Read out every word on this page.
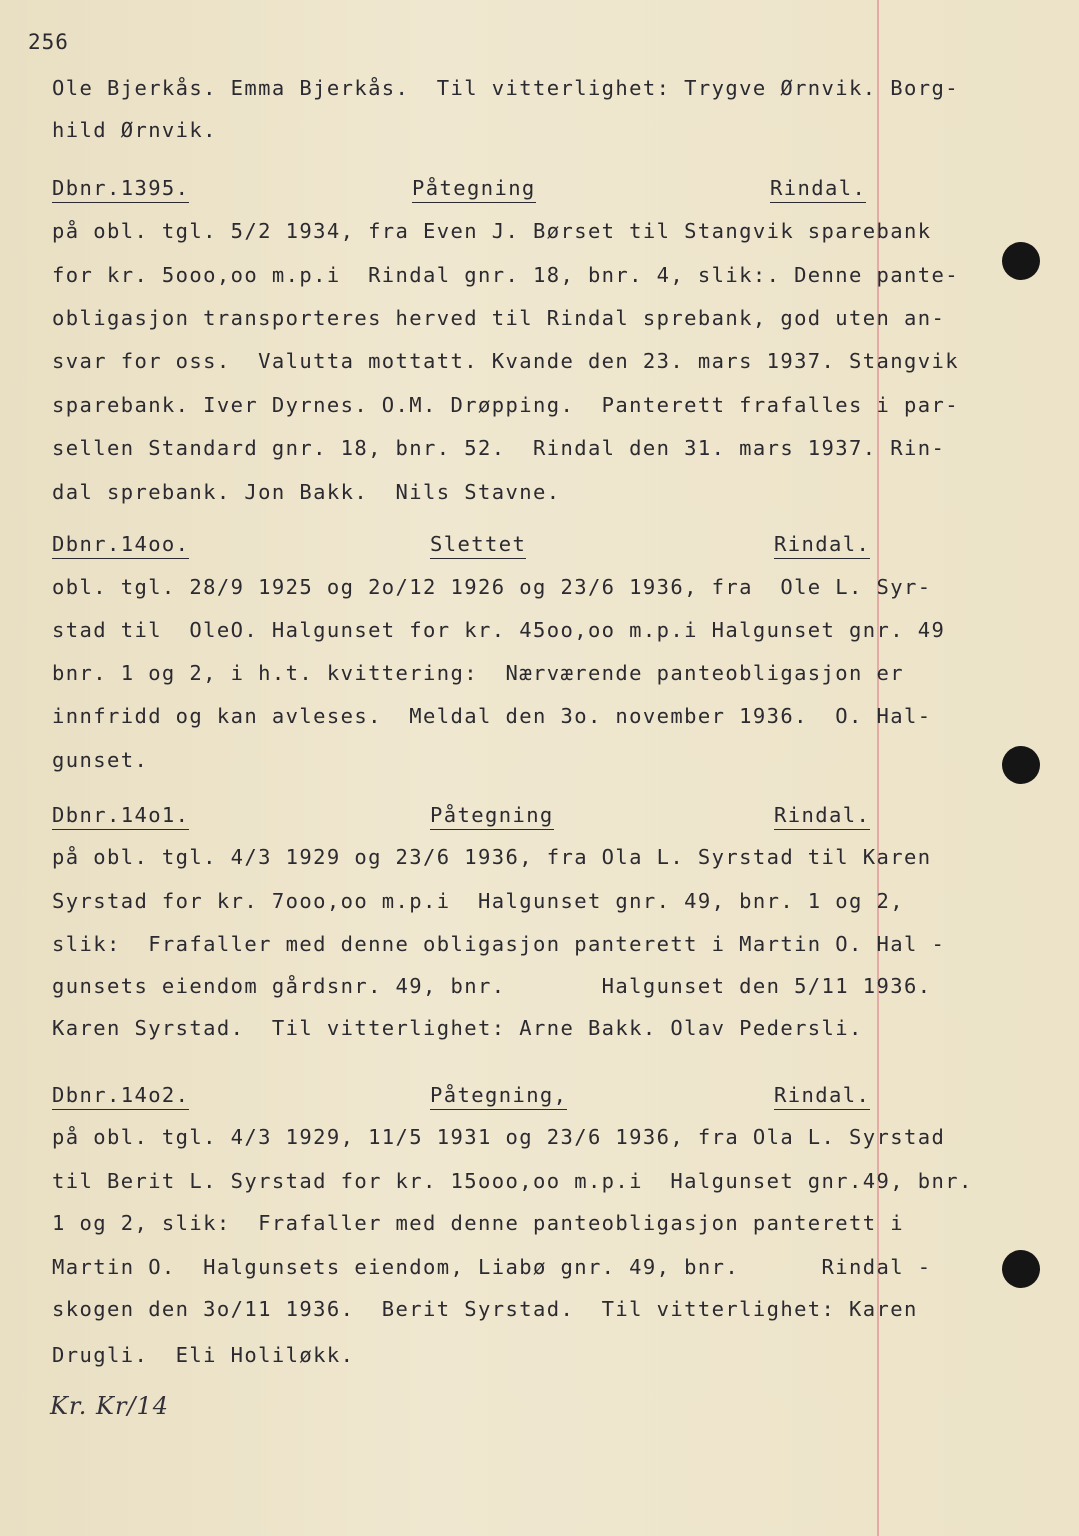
256
Ole Bjerkås. Emma Bjerkås.  Til vitterlighet: Trygve Ørnvik. Borg-
hild Ørnvik.
Dbnr.1395.	Påtegning	Rindal.
på obl. tgl. 5/2 1934, fra Even J. Børset til Stangvik sparebank
for kr. 5ooo,oo m.p.i  Rindal gnr. 18, bnr. 4, slik:. Denne pante-
obligasjon transporteres herved til Rindal sprebank, god uten an-
svar for oss.  Valutta mottatt. Kvande den 23. mars 1937. Stangvik
sparebank. Iver Dyrnes. O.M. Drøpping.  Panterett frafalles i par-
sellen Standard gnr. 18, bnr. 52.  Rindal den 31. mars 1937. Rin-
dal sprebank. Jon Bakk.  Nils Stavne.
Dbnr.14oo.	Slettet	Rindal.
obl. tgl. 28/9 1925 og 2o/12 1926 og 23/6 1936, fra  Ole L. Syr-
stad til  OleO. Halgunset for kr. 45oo,oo m.p.i Halgunset gnr. 49
bnr. 1 og 2, i h.t. kvittering:  Nærværende panteobligasjon er
innfridd og kan avleses.  Meldal den 3o. november 1936.  O. Hal-
gunset.
Dbnr.14o1.	Påtegning	Rindal.
på obl. tgl. 4/3 1929 og 23/6 1936, fra Ola L. Syrstad til Karen
Syrstad for kr. 7ooo,oo m.p.i  Halgunset gnr. 49, bnr. 1 og 2,
slik:  Frafaller med denne obligasjon panterett i Martin O. Hal -
gunsets eiendom gårdsnr. 49, bnr.       Halgunset den 5/11 1936.
Karen Syrstad.  Til vitterlighet: Arne Bakk. Olav Pedersli.
Dbnr.14o2.	Påtegning,	Rindal.
på obl. tgl. 4/3 1929, 11/5 1931 og 23/6 1936, fra Ola L. Syrstad
til Berit L. Syrstad for kr. 15ooo,oo m.p.i  Halgunset gnr.49, bnr.
1 og 2, slik:  Frafaller med denne panteobligasjon panterett i
Martin O.  Halgunsets eiendom, Liabø gnr. 49, bnr.      Rindal -
skogen den 3o/11 1936.  Berit Syrstad.  Til vitterlighet: Karen
Drugli.  Eli Holiløkk.
Kr. Kr/14
